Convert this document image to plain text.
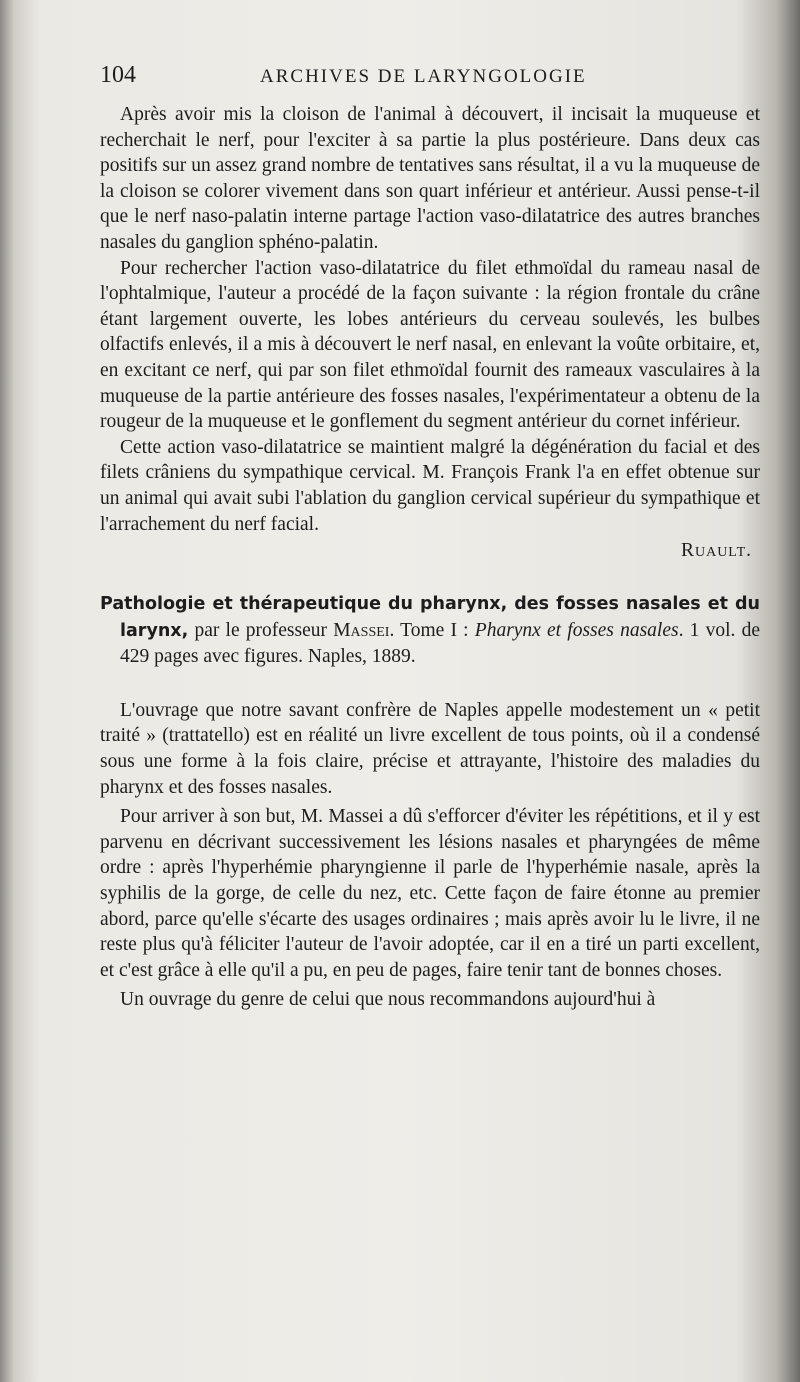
104	ARCHIVES DE LARYNGOLOGIE

Après avoir mis la cloison de l'animal à découvert, il incisait la muqueuse et recherchait le nerf, pour l'exciter à sa partie la plus postérieure. Dans deux cas positifs sur un assez grand nombre de tentatives sans résultat, il a vu la muqueuse de la cloison se colorer vivement dans son quart inférieur et antérieur. Aussi pense-t-il que le nerf naso-palatin interne partage l'action vaso-dilatatrice des autres branches nasales du ganglion sphéno-palatin.

Pour rechercher l'action vaso-dilatatrice du filet ethmoïdal du rameau nasal de l'ophtalmique, l'auteur a procédé de la façon suivante : la région frontale du crâne étant largement ouverte, les lobes antérieurs du cerveau soulevés, les bulbes olfactifs enlevés, il a mis à découvert le nerf nasal, en enlevant la voûte orbitaire, et, en excitant ce nerf, qui par son filet ethmoïdal fournit des rameaux vasculaires à la muqueuse de la partie antérieure des fosses nasales, l'expérimentateur a obtenu de la rougeur de la muqueuse et le gonflement du segment antérieur du cornet inférieur.

Cette action vaso-dilatatrice se maintient malgré la dégénération du facial et des filets crâniens du sympathique cervical. M. François Frank l'a en effet obtenue sur un animal qui avait subi l'ablation du ganglion cervical supérieur du sympathique et l'arrachement du nerf facial.

Ruault.
Pathologie et thérapeutique du pharynx, des fosses nasales et du larynx, par le professeur Massei. Tome I : Pharynx et fosses nasales. 1 vol. de 429 pages avec figures. Naples, 1889.

L'ouvrage que notre savant confrère de Naples appelle modestement un « petit traité » (trattatello) est en réalité un livre excellent de tous points, où il a condensé sous une forme à la fois claire, précise et attrayante, l'histoire des maladies du pharynx et des fosses nasales.

Pour arriver à son but, M. Massei a dû s'efforcer d'éviter les répétitions, et il y est parvenu en décrivant successivement les lésions nasales et pharyngées de même ordre : après l'hyperhémie pharyngienne il parle de l'hyperhémie nasale, après la syphilis de la gorge, de celle du nez, etc. Cette façon de faire étonne au premier abord, parce qu'elle s'écarte des usages ordinaires ; mais après avoir lu le livre, il ne reste plus qu'à féliciter l'auteur de l'avoir adoptée, car il en a tiré un parti excellent, et c'est grâce à elle qu'il a pu, en peu de pages, faire tenir tant de bonnes choses.

Un ouvrage du genre de celui que nous recommandons aujourd'hui à
